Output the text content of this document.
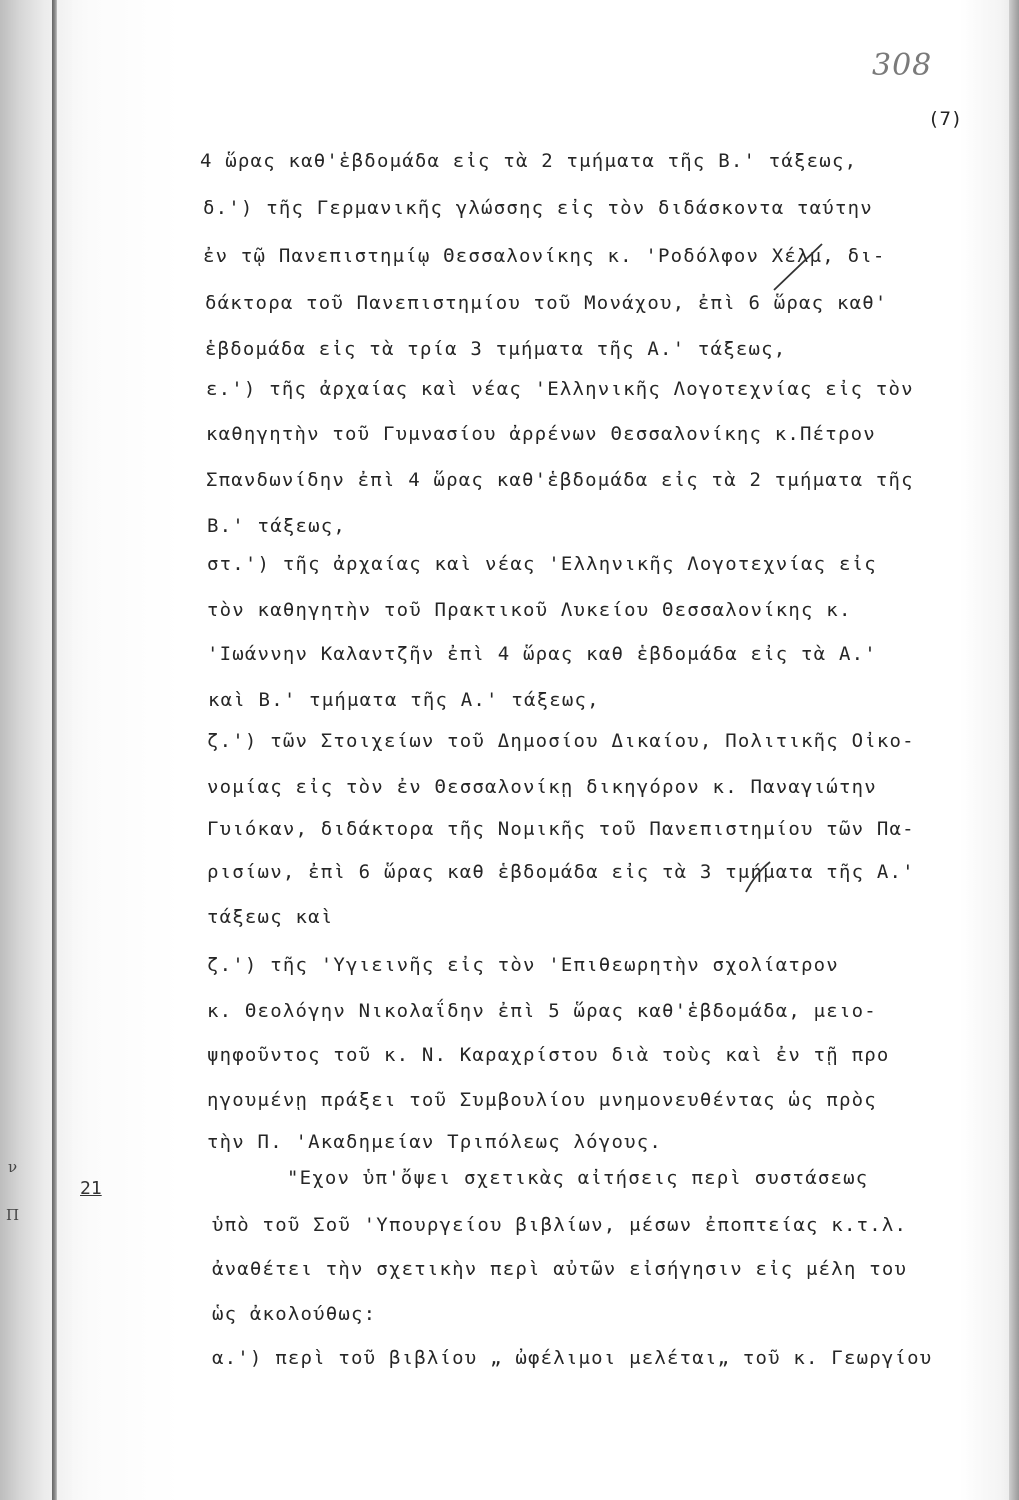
ν
Π
308
(7)
21
4 ὥρας καθ'ἑβδομάδα εἰς τὰ 2 τμήματα τῆς Β.' τάξεως,
δ.') τῆς Γερμανικῆς γλώσσης εἰς τὸν διδάσκοντα ταύτην
ἐν τῷ Πανεπιστημίῳ Θεσσαλονίκης κ. 'Ροδόλφον Χέλμ, δι-
δάκτορα τοῦ Πανεπιστημίου τοῦ Μονάχου, ἐπὶ 6 ὥρας καθ'
ἑβδομάδα εἰς τὰ τρία 3 τμήματα τῆς Α.' τάξεως,
ε.') τῆς ἀρχαίας καὶ νέας 'Ελληνικῆς Λογοτεχνίας εἰς τὸν
καθηγητὴν τοῦ Γυμνασίου ἀρρένων Θεσσαλονίκης κ.Πέτρον
Σπανδωνίδην ἐπὶ 4 ὥρας καθ'ἑβδομάδα εἰς τὰ 2 τμήματα τῆς
Β.' τάξεως,
στ.') τῆς ἀρχαίας καὶ νέας 'Ελληνικῆς Λογοτεχνίας εἰς
τὸν καθηγητὴν τοῦ Πρακτικοῦ Λυκείου Θεσσαλονίκης κ.
'Ιωάννην Καλαντζῆν ἐπὶ 4 ὥρας καθ ἑβδομάδα εἰς τὰ Α.'
καὶ Β.' τμήματα τῆς Α.' τάξεως,
ζ.') τῶν Στοιχείων τοῦ Δημοσίου Δικαίου, Πολιτικῆς Οἰκο-
νομίας εἰς τὸν ἐν Θεσσαλονίκῃ δικηγόρον κ. Παναγιώτην
Γυιόκαν, διδάκτορα τῆς Νομικῆς τοῦ Πανεπιστημίου τῶν Πα-
ρισίων, ἐπὶ 6 ὥρας καθ ἑβδομάδα εἰς τὰ 3 τμήματα τῆς Α.'
τάξεως καὶ
ζ.') τῆς 'Υγιεινῆς εἰς τὸν 'Επιθεωρητὴν σχολίατρον
κ. Θεολόγην Νικολαΐδην ἐπὶ 5 ὥρας καθ'ἑβδομάδα, μειο-
ψηφοῦντος τοῦ κ. Ν. Καραχρίστου διὰ τοὺς καὶ ἐν τῇ προ
ηγουμένῃ πράξει τοῦ Συμβουλίου μνημονευθέντας ὡς πρὸς
τὴν Π. 'Ακαδημείαν Τριπόλεως λόγους.
"Εχον ὑπ'ὄψει σχετικὰς αἰτήσεις περὶ συστάσεως
ὑπὸ τοῦ Σοῦ 'Υπουργείου βιβλίων, μέσων ἐποπτείας κ.τ.λ.
ἀναθέτει τὴν σχετικὴν περὶ αὐτῶν εἰσήγησιν εἰς μέλη του
ὡς ἀκολούθως:
α.') περὶ τοῦ βιβλίου „ ὠφέλιμοι μελέται„ τοῦ κ. Γεωργίου
